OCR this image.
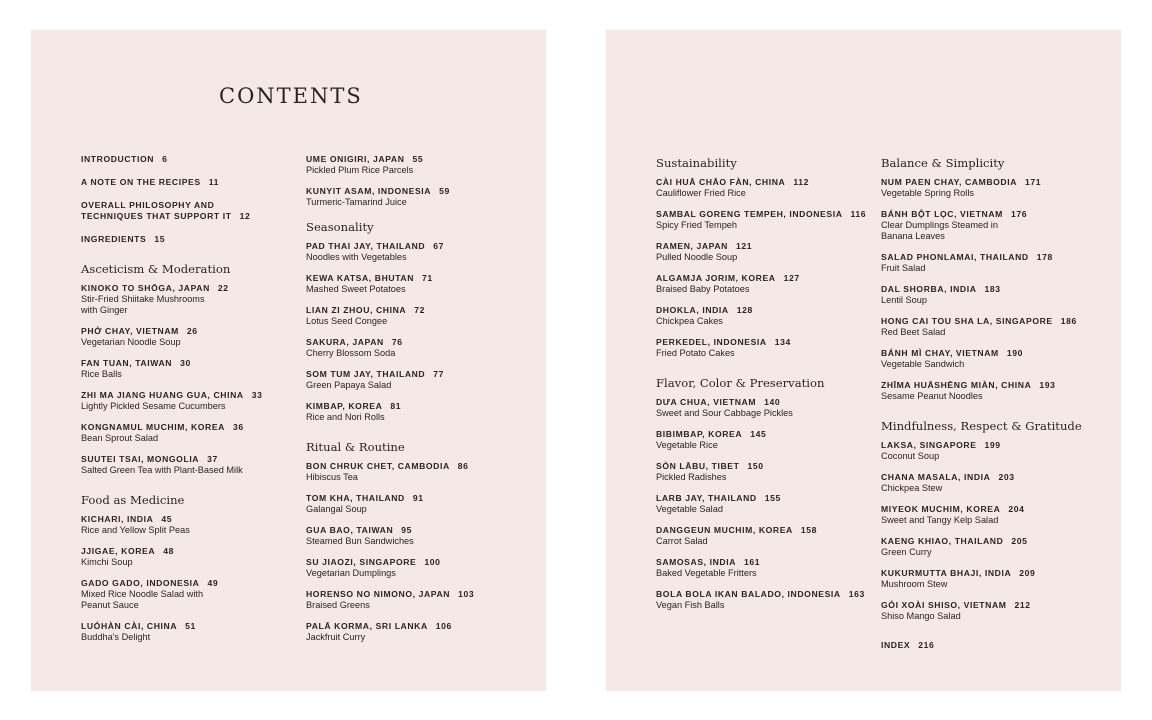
CONTENTS
INTRODUCTION 6
A NOTE ON THE RECIPES 11
OVERALL PHILOSOPHY AND
TECHNIQUES THAT SUPPORT IT 12
INGREDIENTS 15
Asceticism & Moderation
KINOKO TO SHŌGA, JAPAN 22
Stir-Fried Shiitake Mushrooms
with Ginger
PHỞ CHAY, VIETNAM 26
Vegetarian Noodle Soup
FAN TUAN, TAIWAN 30
Rice Balls
ZHI MA JIANG HUANG GUA, CHINA 33
Lightly Pickled Sesame Cucumbers
KONGNAMUL MUCHIM, KOREA 36
Bean Sprout Salad
SUUTEI TSAI, MONGOLIA 37
Salted Green Tea with Plant-Based Milk
Food as Medicine
KICHARI, INDIA 45
Rice and Yellow Split Peas
JJIGAE, KOREA 48
Kimchi Soup
GADO GADO, INDONESIA 49
Mixed Rice Noodle Salad with
Peanut Sauce
LUÓHÀN CÀI, CHINA 51
Buddha's Delight
UME ONIGIRI, JAPAN 55
Pickled Plum Rice Parcels
KUNYIT ASAM, INDONESIA 59
Turmeric-Tamarind Juice
Seasonality
PAD THAI JAY, THAILAND 67
Noodles with Vegetables
KEWA KATSA, BHUTAN 71
Mashed Sweet Potatoes
LIAN ZI ZHOU, CHINA 72
Lotus Seed Congee
SAKURA, JAPAN 76
Cherry Blossom Soda
SOM TUM JAY, THAILAND 77
Green Papaya Salad
KIMBAP, KOREA 81
Rice and Nori Rolls
Ritual & Routine
BON CHRUK CHET, CAMBODIA 86
Hibiscus Tea
TOM KHA, THAILAND 91
Galangal Soup
GUA BAO, TAIWAN 95
Steamed Bun Sandwiches
SU JIAOZI, SINGAPORE 100
Vegetarian Dumplings
HORENSO NO NIMONO, JAPAN 103
Braised Greens
PALĀ KORMA, SRI LANKA 106
Jackfruit Curry
Sustainability
CÀI HUĀ CHĀO FÀN, CHINA 112
Cauliflower Fried Rice
SAMBAL GORENG TEMPEH, INDONESIA 116
Spicy Fried Tempeh
RAMEN, JAPAN 121
Pulled Noodle Soup
ALGAMJA JORIM, KOREA 127
Braised Baby Potatoes
DHOKLA, INDIA 128
Chickpea Cakes
PERKEDEL, INDONESIA 134
Fried Potato Cakes
Flavor, Color & Preservation
DƯA CHUA, VIETNAM 140
Sweet and Sour Cabbage Pickles
BIBIMBAP, KOREA 145
Vegetable Rice
SÒN LĀBU, TIBET 150
Pickled Radishes
LARB JAY, THAILAND 155
Vegetable Salad
DANGGEUN MUCHIM, KOREA 158
Carrot Salad
SAMOSAS, INDIA 161
Baked Vegetable Fritters
BOLA BOLA IKAN BALADO, INDONESIA 163
Vegan Fish Balls
Balance & Simplicity
NUM PAEN CHAY, CAMBODIA 171
Vegetable Spring Rolls
BÁNH BỘT LỌC, VIETNAM 176
Clear Dumplings Steamed in
Banana Leaves
SALAD PHONLAMAI, THAILAND 178
Fruit Salad
DAL SHORBA, INDIA 183
Lentil Soup
HONG CAI TOU SHA LA, SINGAPORE 186
Red Beet Salad
BÁNH MÌ CHAY, VIETNAM 190
Vegetable Sandwich
ZHĪMA HUĀSHĒNG MIÀN, CHINA 193
Sesame Peanut Noodles
Mindfulness, Respect & Gratitude
LAKSA, SINGAPORE 199
Coconut Soup
CHANA MASALA, INDIA 203
Chickpea Stew
MIYEOK MUCHIM, KOREA 204
Sweet and Tangy Kelp Salad
KAENG KHIAO, THAILAND 205
Green Curry
KUKURMUTTA BHAJI, INDIA 209
Mushroom Stew
GỎI XOÀI SHISO, VIETNAM 212
Shiso Mango Salad
INDEX 216
